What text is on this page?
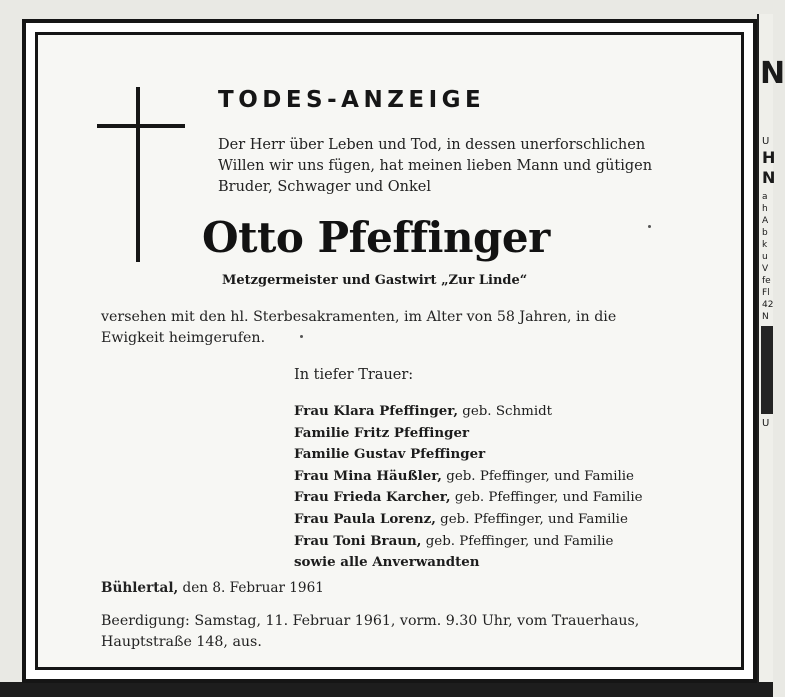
TODES-ANZEIGE
Der Herr über Leben und Tod, in dessen unerforschlichen
Willen wir uns fügen, hat meinen lieben Mann und gütigen
Bruder, Schwager und Onkel
Otto Pfeffinger
Metzgermeister und Gastwirt „Zur Linde“
versehen mit den hl. Sterbesakramenten, im Alter von 58 Jahren, in die
Ewigkeit heimgerufen.
In tiefer Trauer:
Frau Klara Pfeffinger, geb. Schmidt
Familie Fritz Pfeffinger
Familie Gustav Pfeffinger
Frau Mina Häußler, geb. Pfeffinger, und Familie
Frau Frieda Karcher, geb. Pfeffinger, und Familie
Frau Paula Lorenz, geb. Pfeffinger, und Familie
Frau Toni Braun, geb. Pfeffinger, und Familie
sowie alle Anverwandten
Bühlertal, den 8. Februar 1961
Beerdigung: Samstag, 11. Februar 1961, vorm. 9.30 Uhr, vom Trauerhaus,
Hauptstraße 148, aus.
N
U
H
N
a
h
A
b
k
u
V
fe
Fl
42
N
U
